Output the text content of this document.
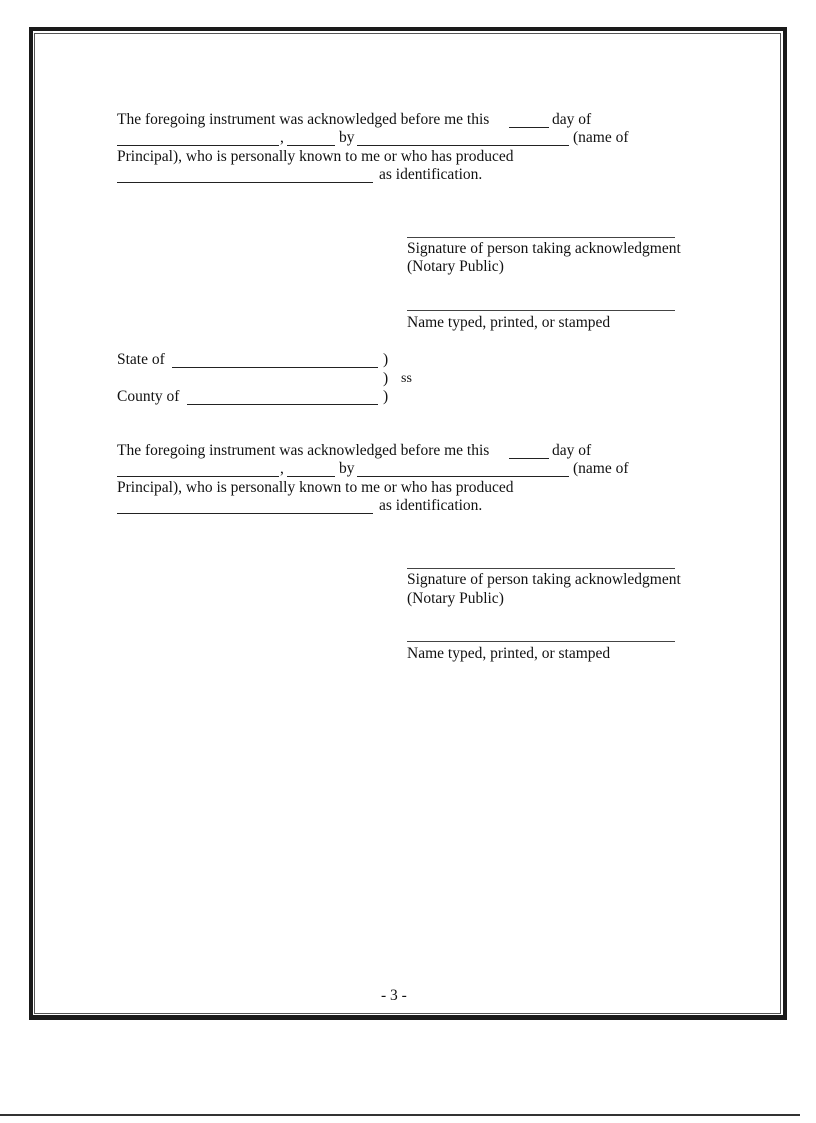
The foregoing instrument was acknowledged before me this	day of
,	by	(name of
Principal), who is personally known to me or who has produced
as identification.
Signature of person taking acknowledgment
(Notary Public)
Name typed, printed, or stamped
State of	)
) ss
County of	)
The foregoing instrument was acknowledged before me this	day of
,	by	(name of
Principal), who is personally known to me or who has produced
as identification.
Signature of person taking acknowledgment
(Notary Public)
Name typed, printed, or stamped
- 3 -
